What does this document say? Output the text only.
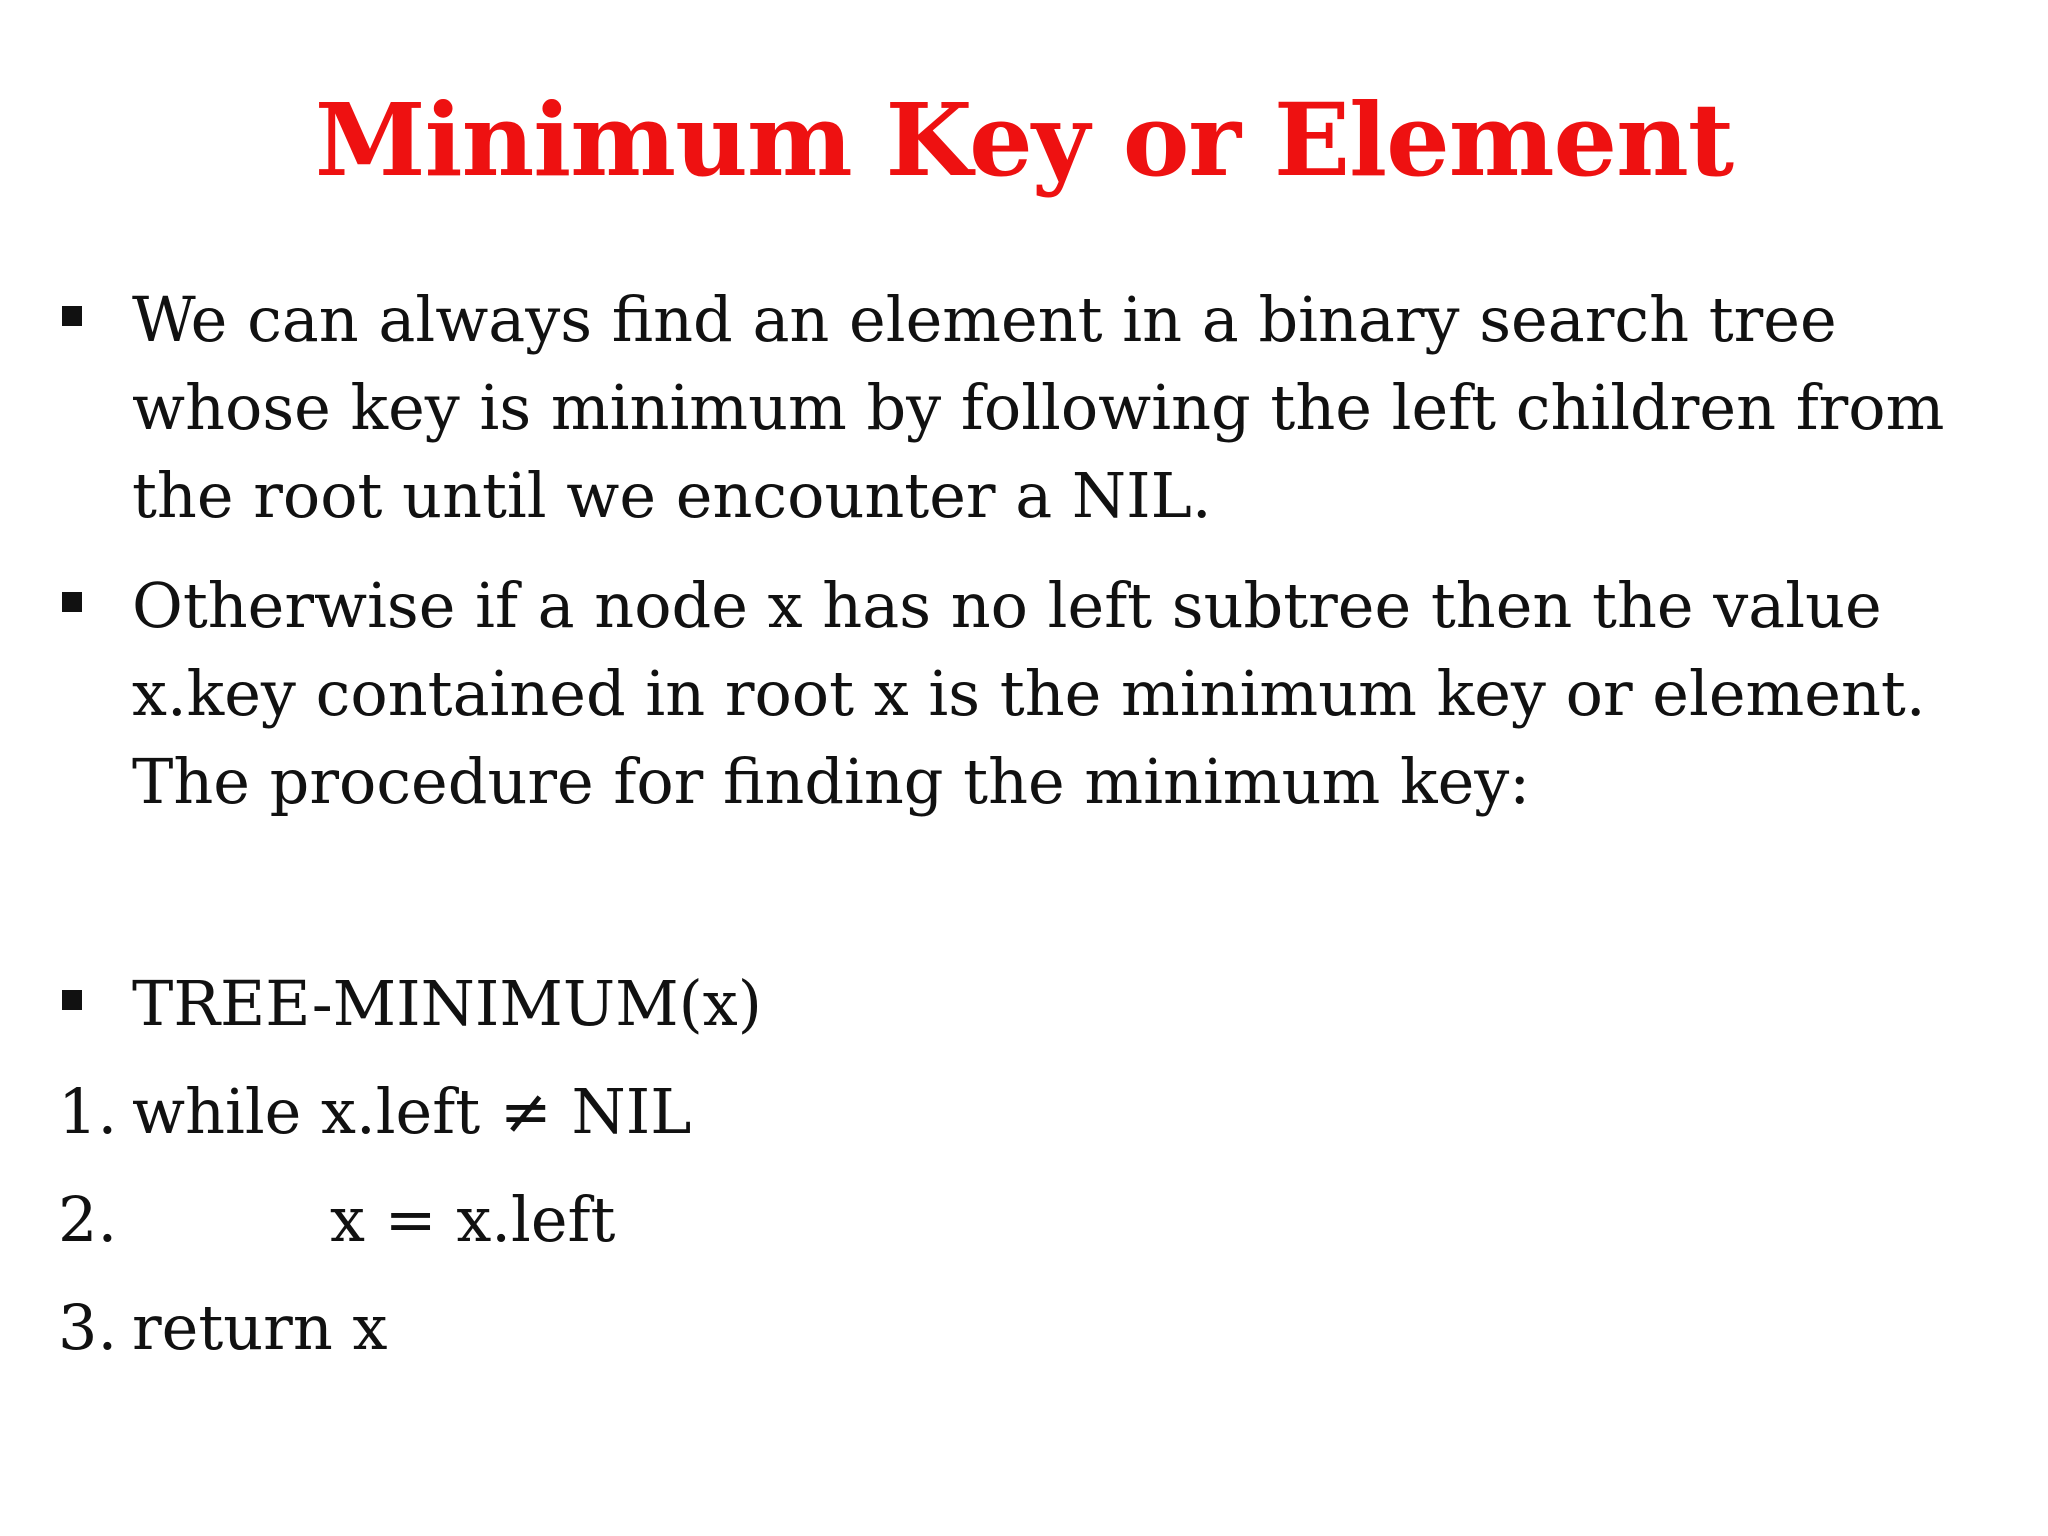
Minimum Key or Element
We can always find an element in a binary search tree
whose key is minimum by following the left children from
the root until we encounter a NIL.
Otherwise if a node x has no left subtree then the value
x.key contained in root x is the minimum key or element.
The procedure for finding the minimum key:
TREE-MINIMUM(x)
1. while x.left ≠ NIL
2.	x = x.left
3. return x
